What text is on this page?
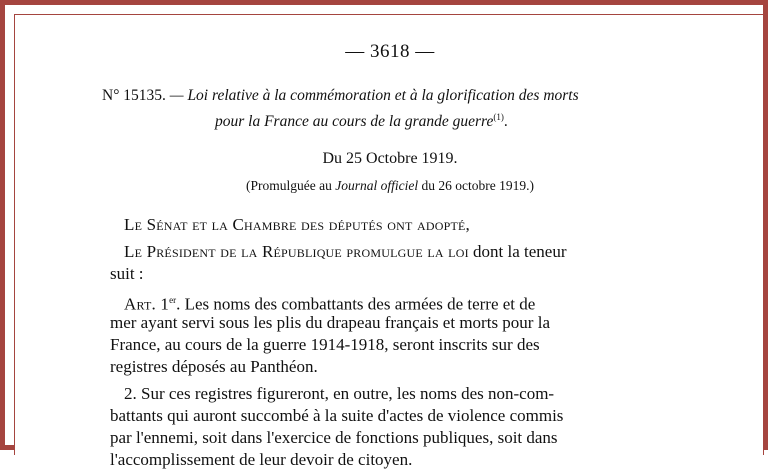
— 3618 —
N° 15135. — Loi relative à la commémoration et à la glorification des morts
pour la France au cours de la grande guerre$^{(1)}$.
Du 25 Octobre 1919.
(Promulguée au Journal officiel du 26 octobre 1919.)
Le Sénat et la Chambre des députés ont adopté,
Le Président de la République promulgue la loi dont la teneur
suit :
Art. 1er. Les noms des combattants des armées de terre et de
mer ayant servi sous les plis du drapeau français et morts pour la
France, au cours de la guerre 1914-1918, seront inscrits sur des
registres déposés au Panthéon.
2. Sur ces registres figureront, en outre, les noms des non-com-
battants qui auront succombé à la suite d'actes de violence commis
par l'ennemi, soit dans l'exercice de fonctions publiques, soit dans
l'accomplissement de leur devoir de citoyen.
